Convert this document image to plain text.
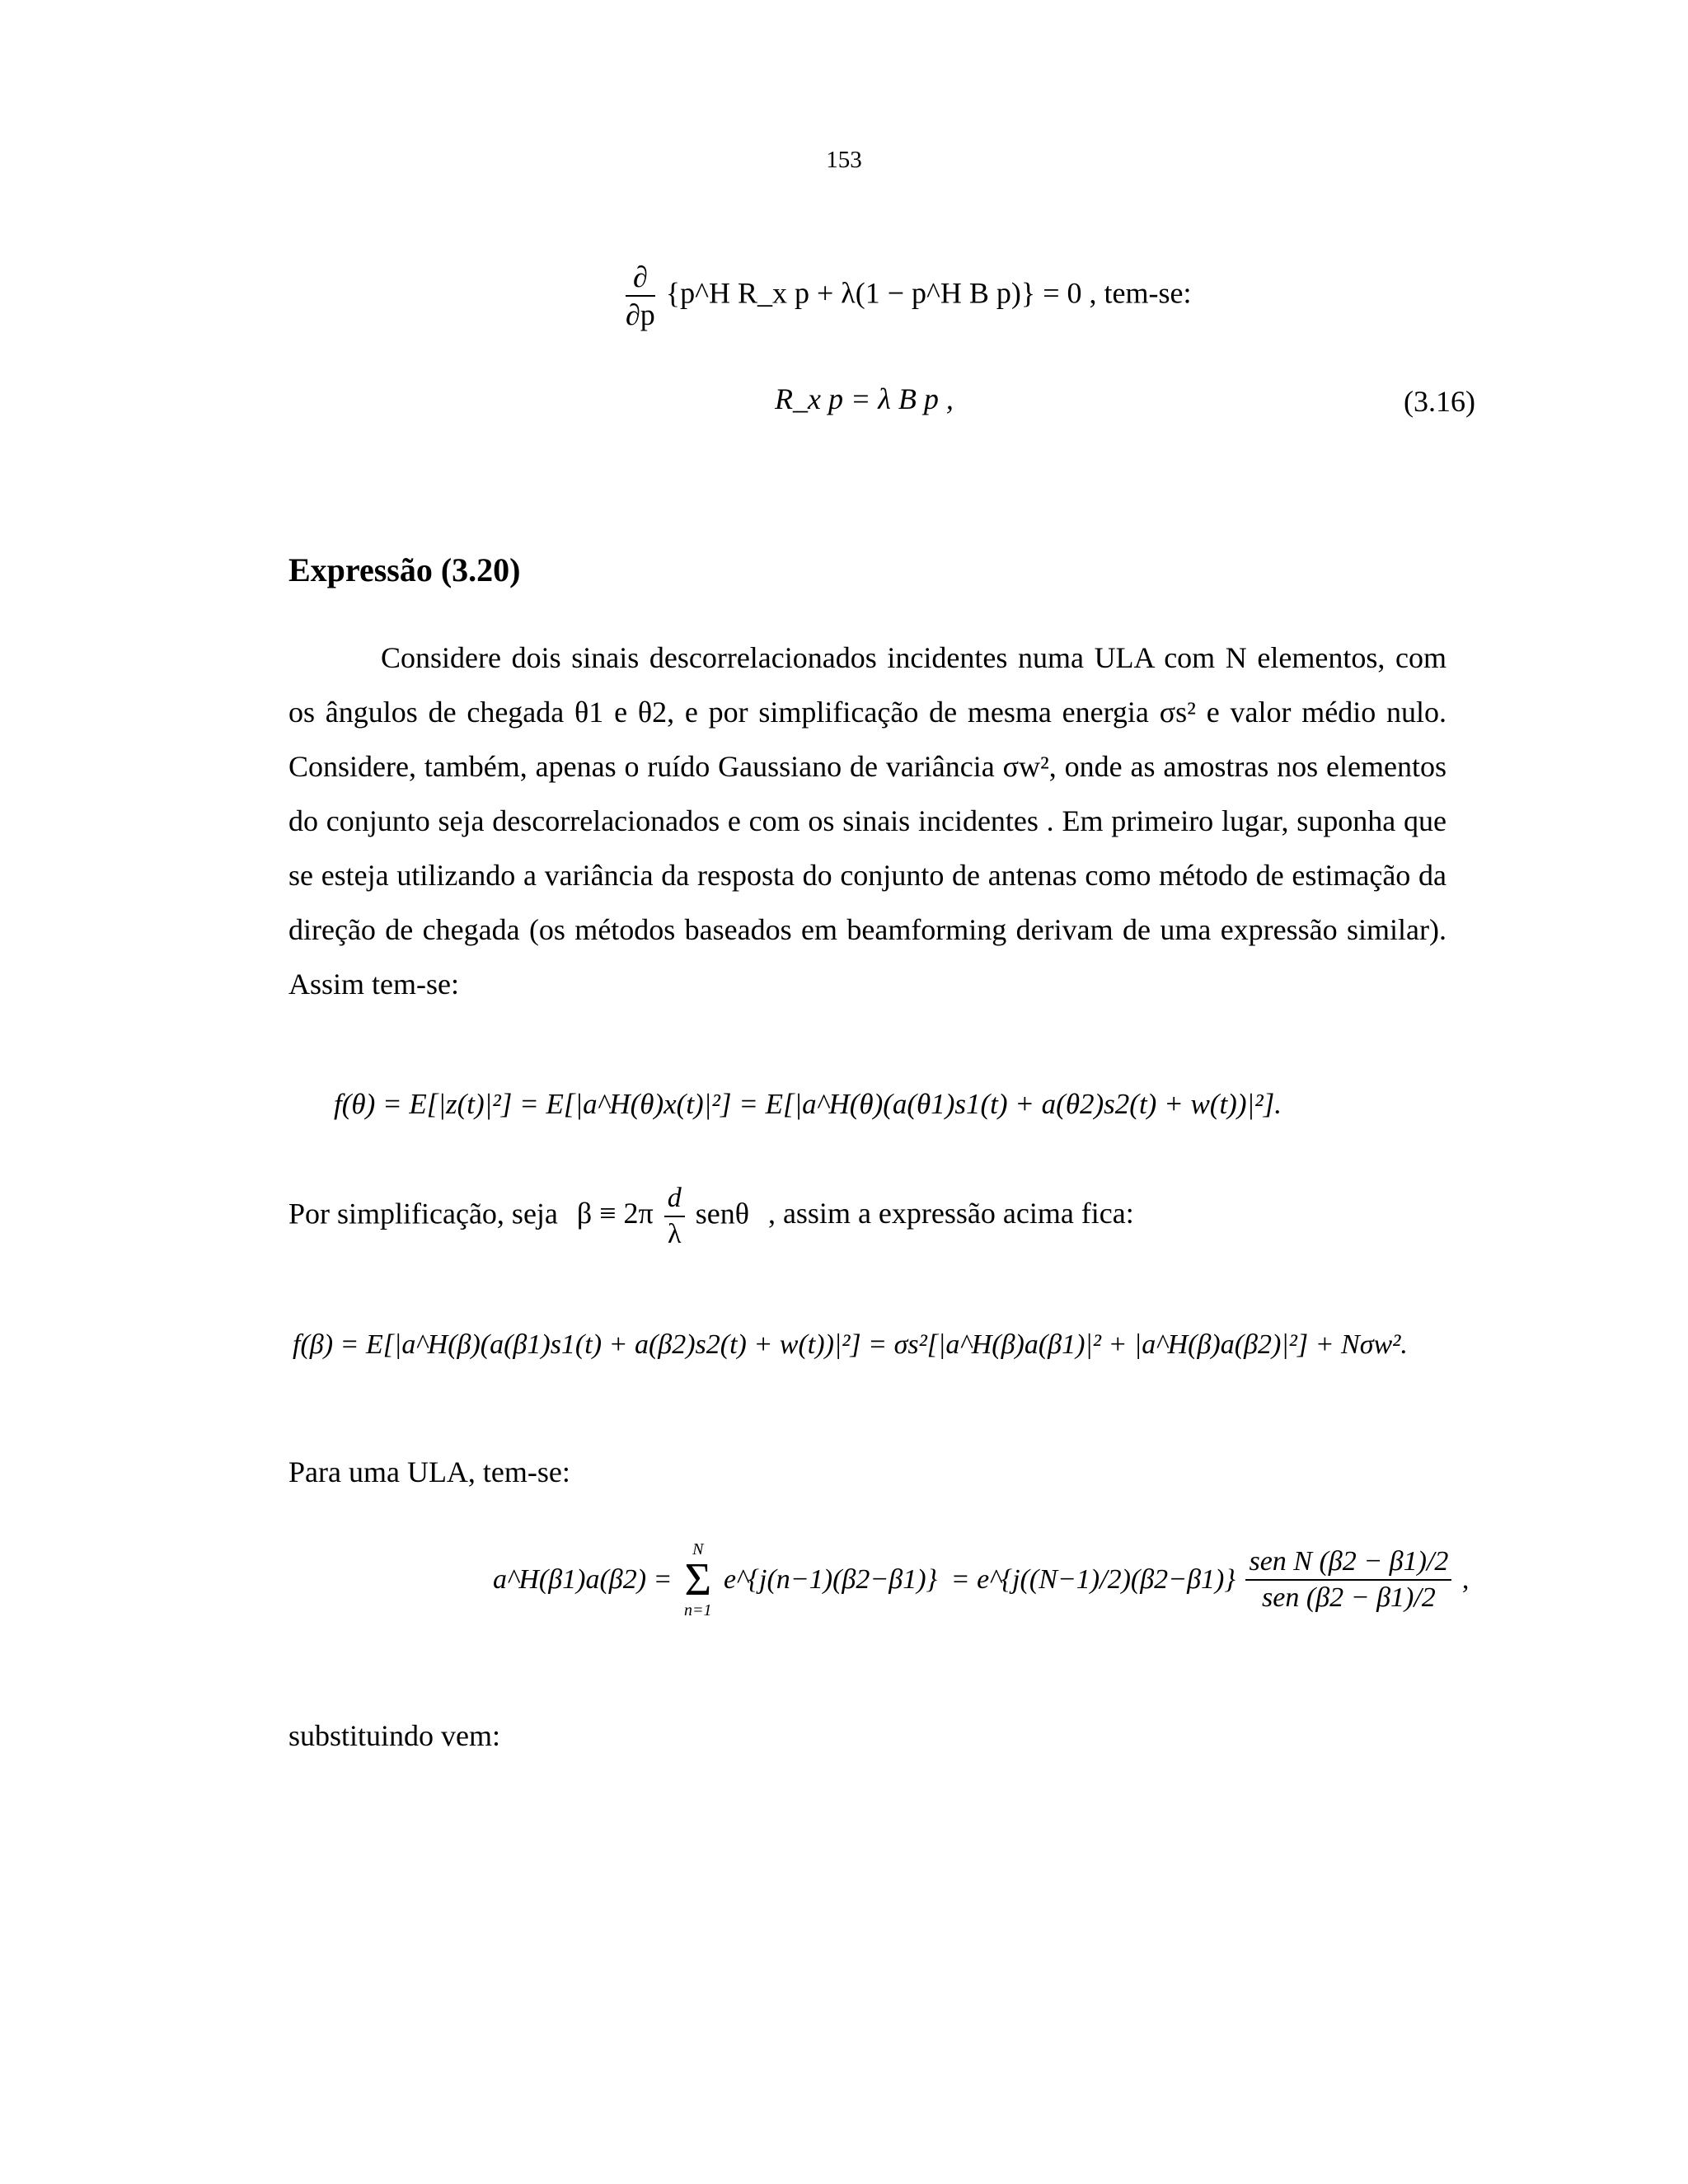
153
$\frac{\partial}{\partial p}$ {p^H R_x p + λ(1 − p^H B p)} = 0 , tem-se:
R_x p = λ B p ,	(3.16)
Expressão (3.20)
Considere dois sinais descorrelacionados incidentes numa ULA com N elementos, com os ângulos de chegada θ1 e θ2, e por simplificação de mesma energia σs² e valor médio nulo. Considere, também, apenas o ruído Gaussiano de variância σw², onde as amostras nos elementos do conjunto seja descorrelacionados e com os sinais incidentes . Em primeiro lugar, suponha que se esteja utilizando a variância da resposta do conjunto de antenas como método de estimação da direção de chegada (os métodos baseados em beamforming derivam de uma expressão similar). Assim tem-se:
f(θ) = E[|z(t)|²] = E[|a^H(θ)x(t)|²] = E[|a^H(θ)(a(θ1)s1(t) + a(θ2)s2(t) + w(t))|²].
Por simplificação, seja $\beta \equiv 2\pi \frac{d}{\lambda}$ senθ , assim a expressão acima fica:
f(β) = E[|a^H(β)(a(β1)s1(t) + a(β2)s2(t) + w(t))|²] = σs²[|a^H(β)a(β1)|² + |a^H(β)a(β2)|²] + Nσw².
Para uma ULA, tem-se:
a^H(β1)a(β2) = N
Σ
n=1 e^{j(n−1)(β2−β1)} = e^{j((N−1)/2)(β2−β1)} $\frac{\text{sen N (β2 − β1)/2}}{\text{sen (β2 − β1)/2}}$ ,
substituindo vem:
